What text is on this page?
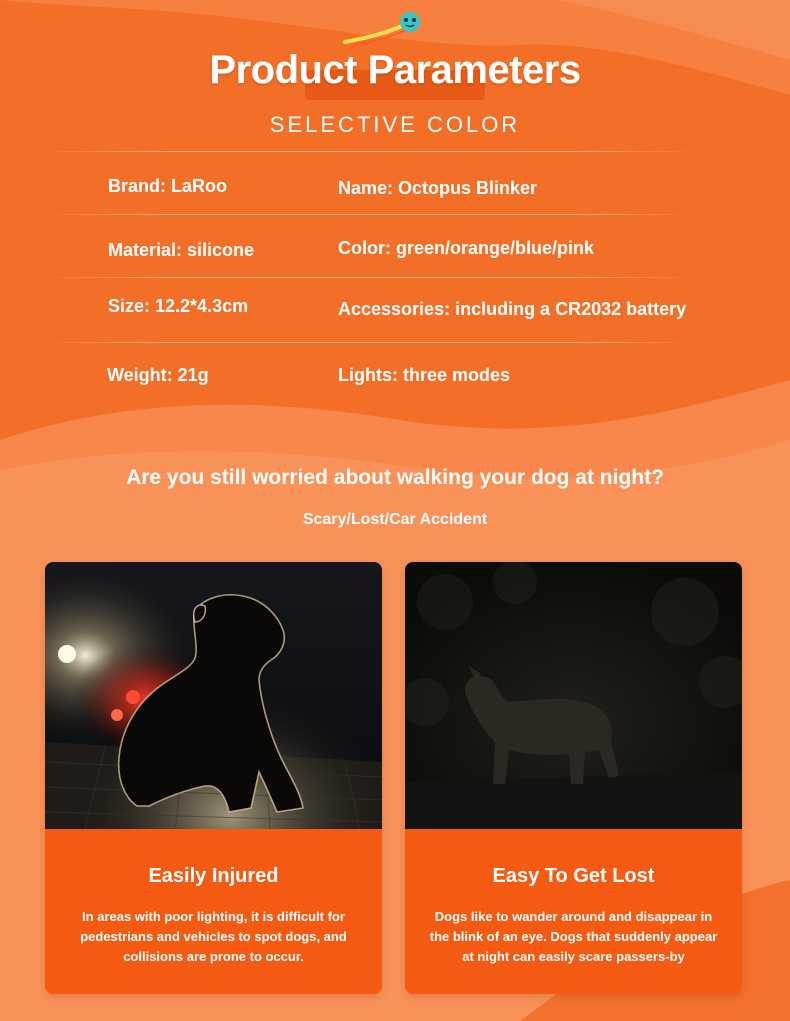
Product Parameters
SELECTIVE COLOR
Brand: LaRoo	Name: Octopus Blinker
Material: silicone	Color: green/orange/blue/pink
Size: 12.2*4.3cm	Accessories: including a CR2032 battery
Weight: 21g	Lights: three modes
Are you still worried about walking your dog at night?
Scary/Lost/Car Accident
Easily Injured
In areas with poor lighting, it is difficult for pedestrians and vehicles to spot dogs, and collisions are prone to occur.
Easy To Get Lost
Dogs like to wander around and disappear in the blink of an eye. Dogs that suddenly appear at night can easily scare passers-by
